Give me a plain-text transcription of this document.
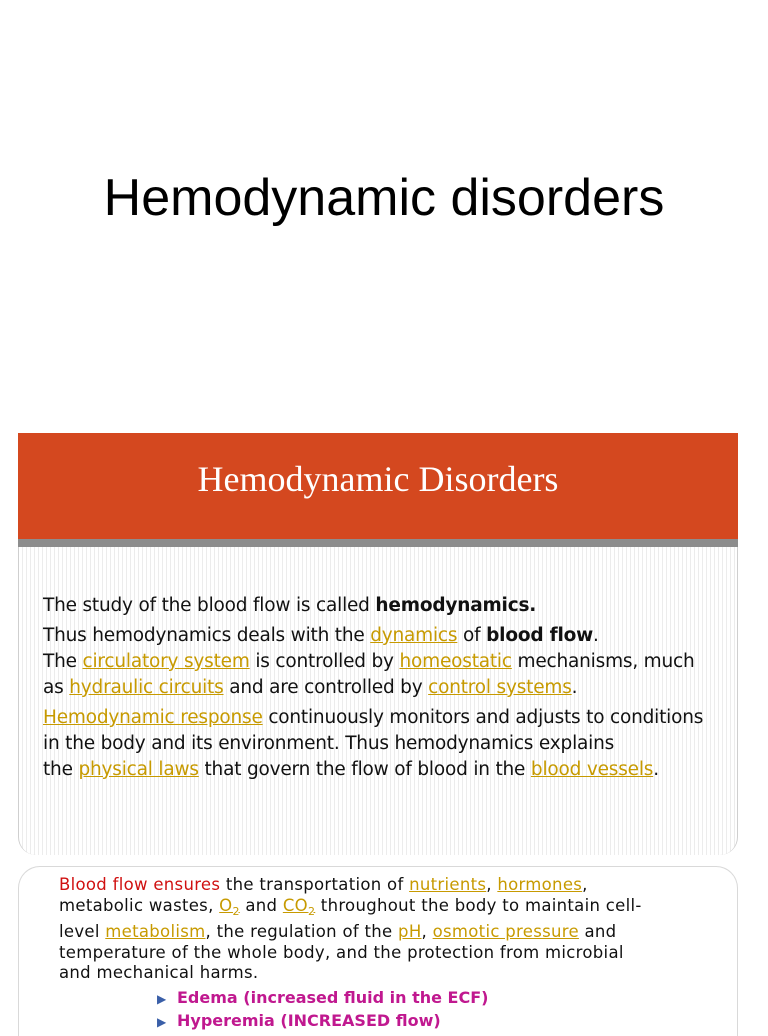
Hemodynamic disorders
Hemodynamic Disorders

The study of the blood flow is called hemodynamics.

Thus hemodynamics deals with the dynamics of blood flow.

The circulatory system is controlled by homeostatic mechanisms, much

as hydraulic circuits and are controlled by control systems.

Hemodynamic response continuously monitors and adjusts to conditions

in the body and its environment. Thus hemodynamics explains

the physical laws that govern the flow of blood in the blood vessels.

Blood flow ensures the transportation of nutrients, hormones,
metabolic wastes, $O_2$ and $CO_2$ throughout the body to maintain cell-
level metabolism, the regulation of the pH, osmotic pressure and
temperature of the whole body, and the protection from microbial
and mechanical harms.
▶ Edema (increased fluid in the ECF)
▶ Hyperemia (INCREASED flow)
